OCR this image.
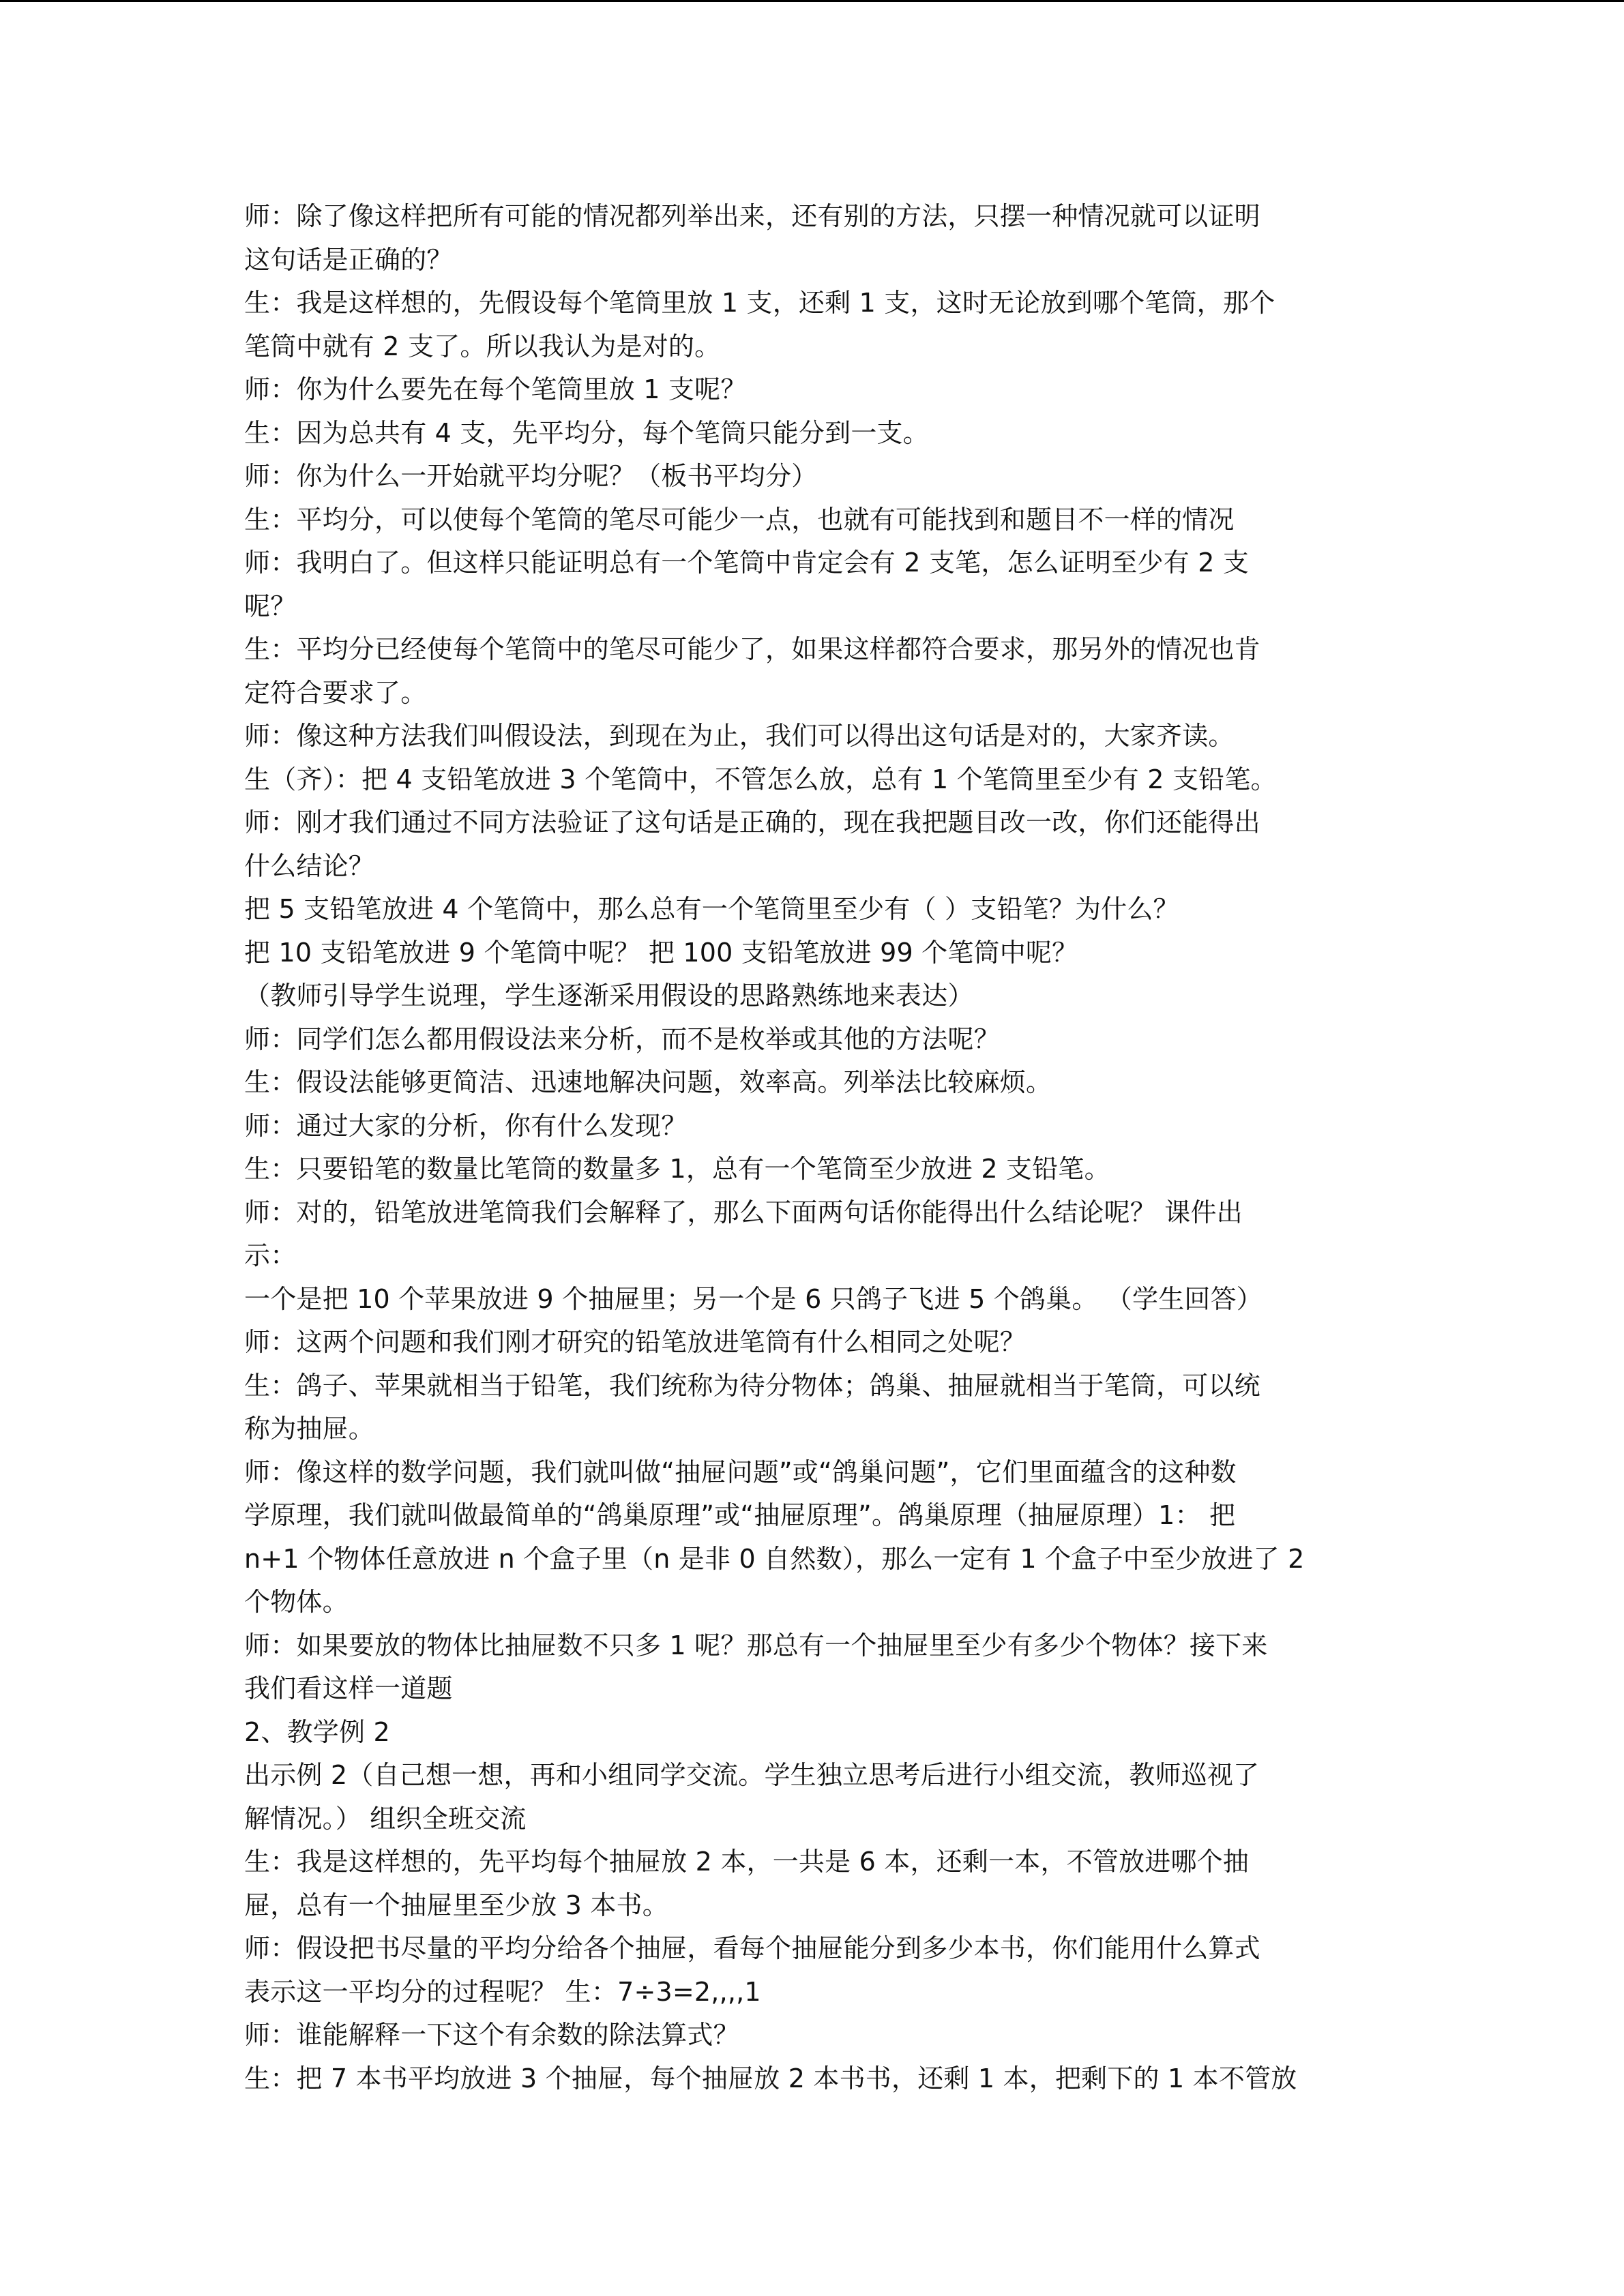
师：除了像这样把所有可能的情况都列举出来，还有别的方法，只摆一种情况就可以证明
这句话是正确的？
生：我是这样想的，先假设每个笔筒里放 1 支，还剩 1 支，这时无论放到哪个笔筒，那个
笔筒中就有 2 支了。所以我认为是对的。
师：你为什么要先在每个笔筒里放 1 支呢？
生：因为总共有 4 支，先平均分，每个笔筒只能分到一支。
师：你为什么一开始就平均分呢？（板书平均分）
生：平均分，可以使每个笔筒的笔尽可能少一点，也就有可能找到和题目不一样的情况
师：我明白了。但这样只能证明总有一个笔筒中肯定会有 2 支笔，怎么证明至少有 2 支
呢？
生：平均分已经使每个笔筒中的笔尽可能少了，如果这样都符合要求，那另外的情况也肯
定符合要求了。
师：像这种方法我们叫假设法，到现在为止，我们可以得出这句话是对的，大家齐读。
生（齐）：把 4 支铅笔放进 3 个笔筒中，不管怎么放，总有 1 个笔筒里至少有 2 支铅笔。
师：刚才我们通过不同方法验证了这句话是正确的，现在我把题目改一改，你们还能得出
什么结论？
把 5 支铅笔放进 4 个笔筒中，那么总有一个笔筒里至少有（ ）支铅笔？为什么？
把 10 支铅笔放进 9 个笔筒中呢？ 把 100 支铅笔放进 99 个笔筒中呢？
（教师引导学生说理，学生逐渐采用假设的思路熟练地来表达）
师：同学们怎么都用假设法来分析，而不是枚举或其他的方法呢？
生：假设法能够更简洁、迅速地解决问题，效率高。列举法比较麻烦。
师：通过大家的分析，你有什么发现？
生：只要铅笔的数量比笔筒的数量多 1，总有一个笔筒至少放进 2 支铅笔。
师：对的，铅笔放进笔筒我们会解释了，那么下面两句话你能得出什么结论呢？ 课件出
示：
一个是把 10 个苹果放进 9 个抽屉里；另一个是 6 只鸽子飞进 5 个鸽巢。 （学生回答）
师：这两个问题和我们刚才研究的铅笔放进笔筒有什么相同之处呢？
生：鸽子、苹果就相当于铅笔，我们统称为待分物体；鸽巢、抽屉就相当于笔筒，可以统
称为抽屉。
师：像这样的数学问题，我们就叫做“抽屉问题”或“鸽巢问题”，它们里面蕴含的这种数
学原理，我们就叫做最简单的“鸽巢原理”或“抽屉原理”。鸽巢原理（抽屉原理）1： 把
n+1 个物体任意放进 n 个盒子里（n 是非 0 自然数），那么一定有 1 个盒子中至少放进了 2
个物体。
师：如果要放的物体比抽屉数不只多 1 呢？那总有一个抽屉里至少有多少个物体？接下来
我们看这样一道题
2、教学例 2
出示例 2（自己想一想，再和小组同学交流。学生独立思考后进行小组交流，教师巡视了
解情况。） 组织全班交流
生：我是这样想的，先平均每个抽屉放 2 本，一共是 6 本，还剩一本，不管放进哪个抽
屉，总有一个抽屉里至少放 3 本书。
师：假设把书尽量的平均分给各个抽屉，看每个抽屉能分到多少本书，你们能用什么算式
表示这一平均分的过程呢？ 生：7÷3=2,,,,1
师：谁能解释一下这个有余数的除法算式？
生：把 7 本书平均放进 3 个抽屉，每个抽屉放 2 本书书，还剩 1 本，把剩下的 1 本不管放
